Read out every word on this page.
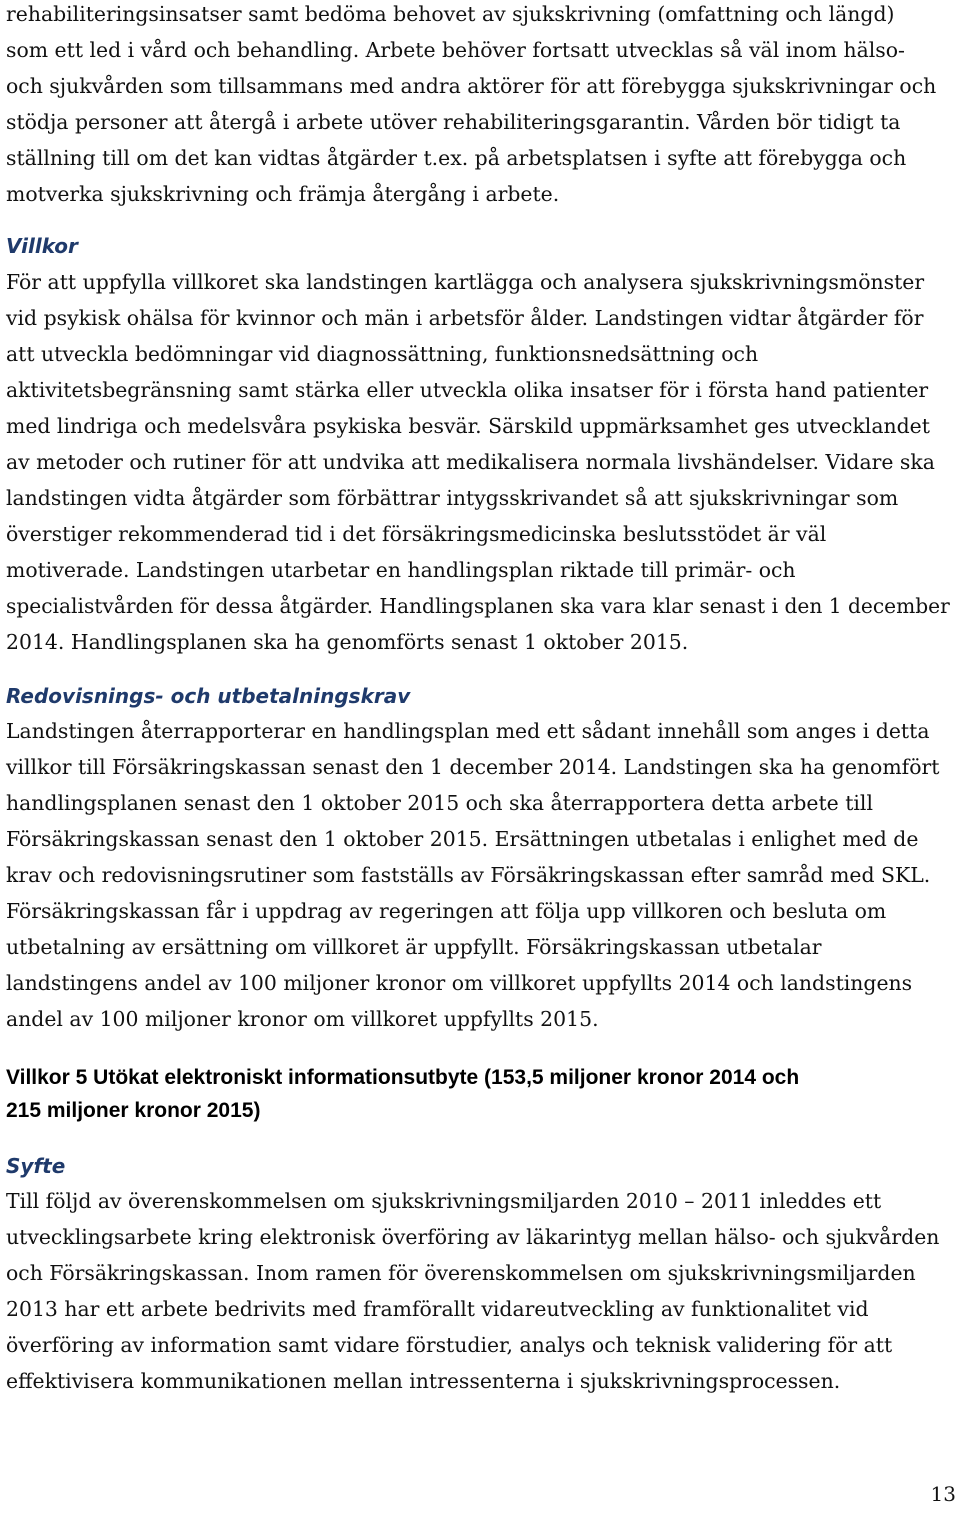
rehabiliteringsinsatser samt bedöma behovet av sjukskrivning (omfattning och längd)
som ett led i vård och behandling. Arbete behöver fortsatt utvecklas så väl inom hälso-
och sjukvården som tillsammans med andra aktörer för att förebygga sjukskrivningar och
stödja personer att återgå i arbete utöver rehabiliteringsgarantin. Vården bör tidigt ta
ställning till om det kan vidtas åtgärder t.ex. på arbetsplatsen i syfte att förebygga och
motverka sjukskrivning och främja återgång i arbete.
Villkor
För att uppfylla villkoret ska landstingen kartlägga och analysera sjukskrivningsmönster
vid psykisk ohälsa för kvinnor och män i arbetsför ålder. Landstingen vidtar åtgärder för
att utveckla bedömningar vid diagnossättning, funktionsnedsättning och
aktivitetsbegränsning samt stärka eller utveckla olika insatser för i första hand patienter
med lindriga och medelsvåra psykiska besvär. Särskild uppmärksamhet ges utvecklandet
av metoder och rutiner för att undvika att medikalisera normala livshändelser. Vidare ska
landstingen vidta åtgärder som förbättrar intygsskrivandet så att sjukskrivningar som
överstiger rekommenderad tid i det försäkringsmedicinska beslutsstödet är väl
motiverade. Landstingen utarbetar en handlingsplan riktade till primär- och
specialistvården för dessa åtgärder. Handlingsplanen ska vara klar senast i den 1 december
2014. Handlingsplanen ska ha genomförts senast 1 oktober 2015.
Redovisnings- och utbetalningskrav
Landstingen återrapporterar en handlingsplan med ett sådant innehåll som anges i detta
villkor till Försäkringskassan senast den 1 december 2014. Landstingen ska ha genomfört
handlingsplanen senast den 1 oktober 2015 och ska återrapportera detta arbete till
Försäkringskassan senast den 1 oktober 2015. Ersättningen utbetalas i enlighet med de
krav och redovisningsrutiner som fastställs av Försäkringskassan efter samråd med SKL.
Försäkringskassan får i uppdrag av regeringen att följa upp villkoren och besluta om
utbetalning av ersättning om villkoret är uppfyllt. Försäkringskassan utbetalar
landstingens andel av 100 miljoner kronor om villkoret uppfyllts 2014 och landstingens
andel av 100 miljoner kronor om villkoret uppfyllts 2015.
Villkor 5 Utökat elektroniskt informationsutbyte (153,5 miljoner kronor 2014 och
215 miljoner kronor 2015)
Syfte
Till följd av överenskommelsen om sjukskrivningsmiljarden 2010 – 2011 inleddes ett
utvecklingsarbete kring elektronisk överföring av läkarintyg mellan hälso- och sjukvården
och Försäkringskassan. Inom ramen för överenskommelsen om sjukskrivningsmiljarden
2013 har ett arbete bedrivits med framförallt vidareutveckling av funktionalitet vid
överföring av information samt vidare förstudier, analys och teknisk validering för att
effektivisera kommunikationen mellan intressenterna i sjukskrivningsprocessen.
13
